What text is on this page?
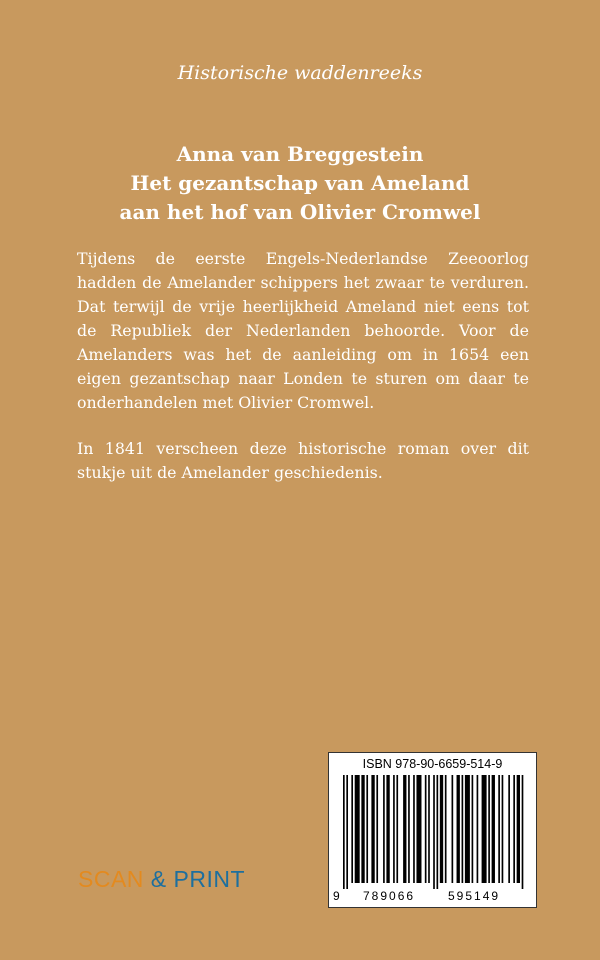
Historische waddenreeks
Anna van Breggestein
Het gezantschap van Ameland
aan het hof van Olivier Cromwel

Tijdens de eerste Engels-Nederlandse Zeeoorlog hadden de Amelander schippers het zwaar te verduren. Dat terwijl de vrije heerlijkheid Ameland niet eens tot de Republiek der Nederlanden behoorde. Voor de Amelanders was het de aanleiding om in 1654 een eigen gezantschap naar Londen te sturen om daar te onderhandelen met Olivier Cromwel.

In 1841 verscheen deze historische roman over dit stukje uit de Amelander geschiedenis.

SCAN & PRINT
ISBN 978-90-6659-514-9
9 789066	595149
